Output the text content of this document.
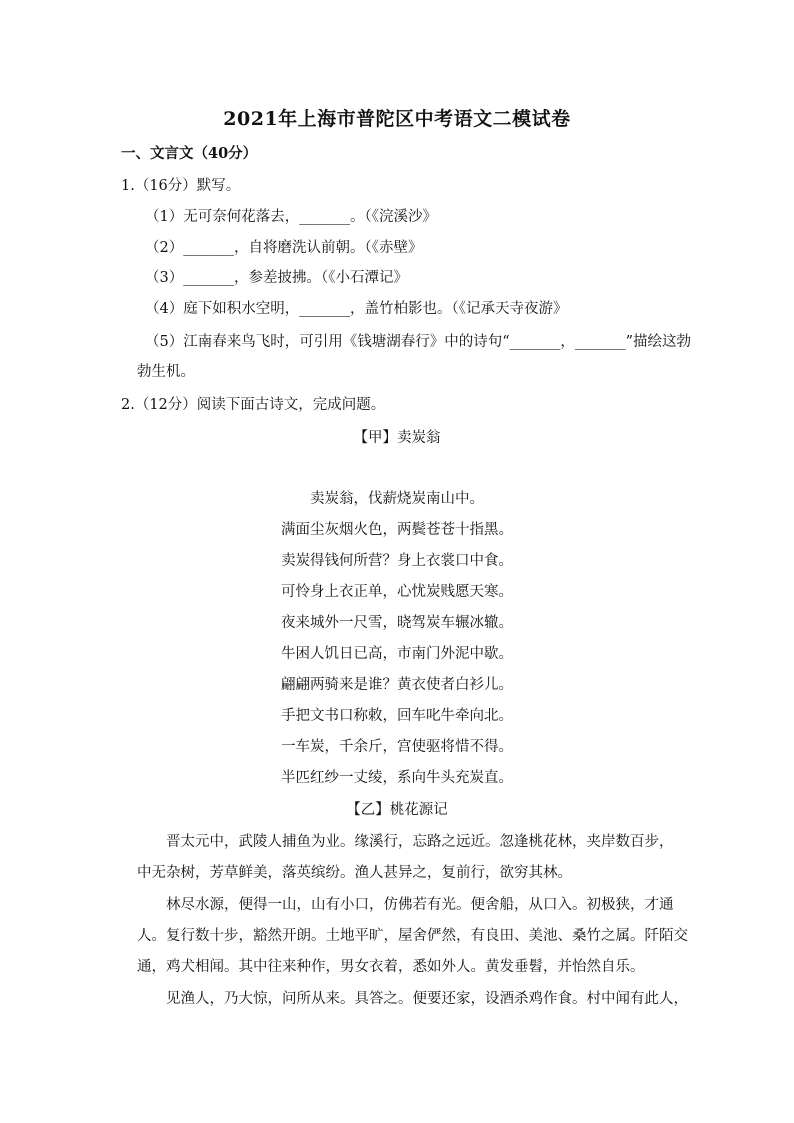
2021年上海市普陀区中考语文二模试卷
一、文言文（40分）
1.（16分）默写。
（1）无可奈何花落去，_______。（《浣溪沙》
（2）_______，自将磨洗认前朝。（《赤壁》
（3）_______，参差披拂。（《小石潭记》
（4）庭下如积水空明，_______，盖竹柏影也。（《记承天寺夜游》
（5）江南春来鸟飞时，可引用《钱塘湖春行》中的诗句“_______，_______”描绘这勃
勃生机。
2.（12分）阅读下面古诗文，完成问题。
【甲】卖炭翁
卖炭翁，伐薪烧炭南山中。
满面尘灰烟火色，两鬓苍苍十指黑。
卖炭得钱何所营？身上衣裳口中食。
可怜身上衣正单，心忧炭贱愿天寒。
夜来城外一尺雪，晓驾炭车辗冰辙。
牛困人饥日已高，市南门外泥中歇。
翩翩两骑来是谁？黄衣使者白衫儿。
手把文书口称敕，回车叱牛牵向北。
一车炭，千余斤，宫使驱将惜不得。
半匹红纱一丈绫，系向牛头充炭直。
【乙】桃花源记
　　晋太元中，武陵人捕鱼为业。缘溪行，忘路之远近。忽逢桃花林，夹岸数百步，
中无杂树，芳草鲜美，落英缤纷。渔人甚异之，复前行，欲穷其林。
　　林尽水源，便得一山，山有小口，仿佛若有光。便舍船，从口入。初极狭，才通
人。复行数十步，豁然开朗。土地平旷，屋舍俨然，有良田、美池、桑竹之属。阡陌交
通，鸡犬相闻。其中往来种作，男女衣着，悉如外人。黄发垂髫，并怡然自乐。
　　见渔人，乃大惊，问所从来。具答之。便要还家，设酒杀鸡作食。村中闻有此人，
